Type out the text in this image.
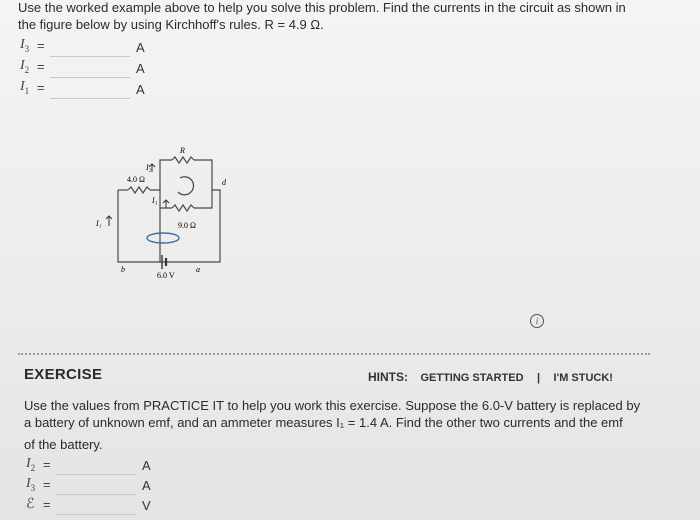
Use the worked example above to help you solve this problem. Find the currents in the circuit as shown in
the figure below by using Kirchhoff's rules. R = 4.9 Ω.
$I_3$ =	A
$I_2$ =	A
$I_1$ =	A
R
4.0 Ω
9.0 Ω
6.0 V
I₁
I₂
I₃
a
b
d
i
EXERCISE	HINTS: GETTING STARTED | I'M STUCK!
Use the values from PRACTICE IT to help you work this exercise. Suppose the 6.0-V battery is replaced by
a battery of unknown emf, and an ammeter measures I₁ = 1.4 A. Find the other two currents and the emf
of the battery.
$I_2$ =	A
$I_3$ =	A
ℰ =	V
